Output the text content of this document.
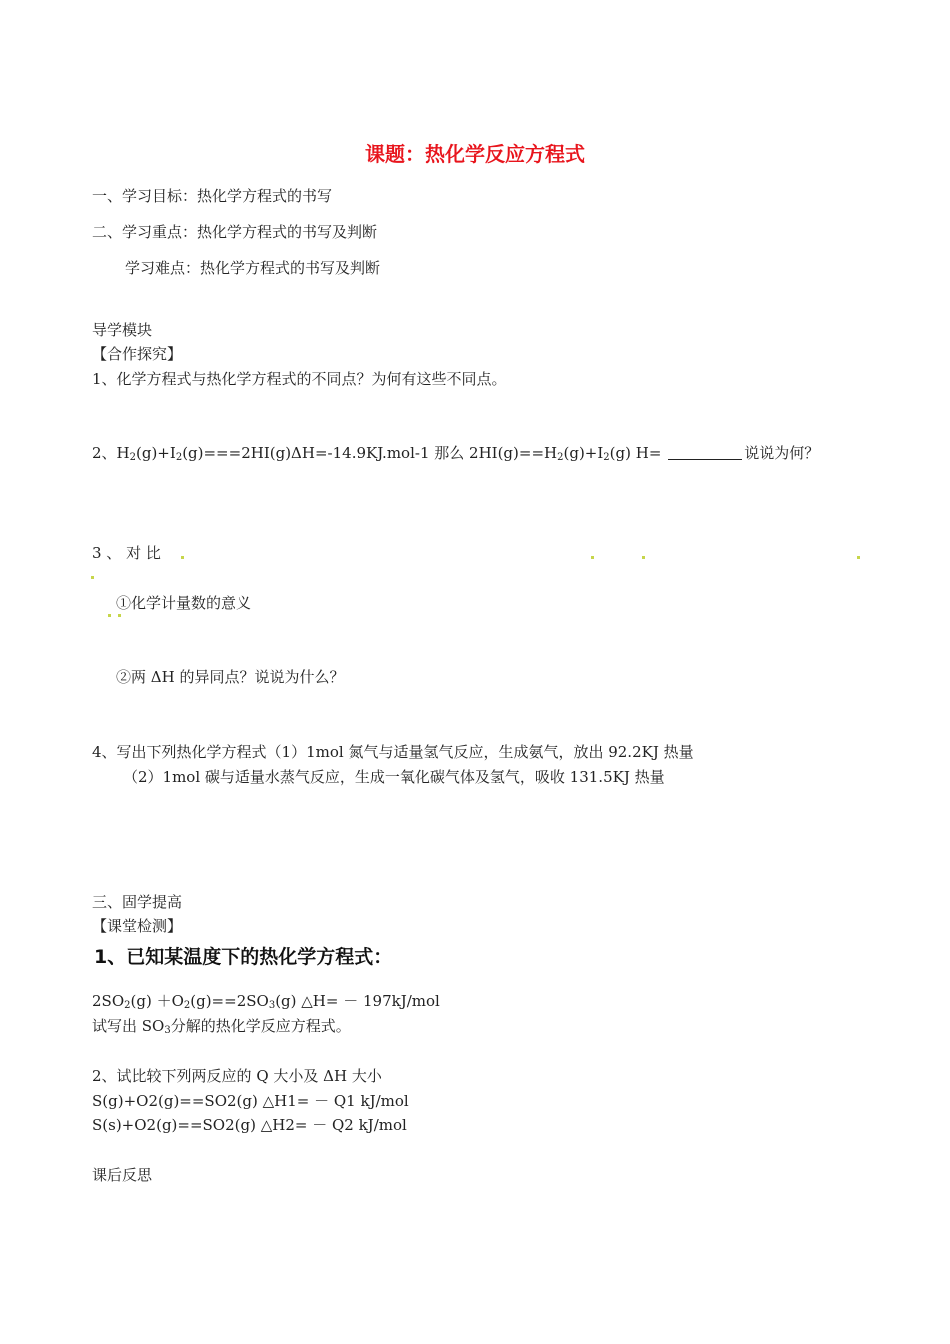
课题：热化学反应方程式
一、学习目标：热化学方程式的书写
二、学习重点：热化学方程式的书写及判断
学习难点：热化学方程式的书写及判断
导学模块
【合作探究】
1、化学方程式与热化学方程式的不同点？为何有这些不同点。
2、$H_2(g)+I_2(g)===2HI(g)\Delta H=-14.9KJ.mol-1$ 那么 $2HI(g)==H_2(g)+I_2(g)$ H=	说说为何？
3 、 对 比
①化学计量数的意义
②两 ΔH 的异同点？说说为什么？
4、写出下列热化学方程式（1）1mol 氮气与适量氢气反应，生成氨气，放出 92.2KJ 热量
（2）1mol 碳与适量水蒸气反应，生成一氧化碳气体及氢气，吸收 131.5KJ 热量
三、固学提高
【课堂检测】
1、已知某温度下的热化学方程式：
$2SO_2(g) +O_2(g)==2SO_3(g)$ △H= － 197kJ/mol
试写出 $SO_3$分解的热化学反应方程式。
2、试比较下列两反应的 Q 大小及 ΔH 大小
S(g)+O2(g)==SO2(g) △H1= － Q1 kJ/mol
S(s)+O2(g)==SO2(g) △H2= － Q2 kJ/mol
课后反思
